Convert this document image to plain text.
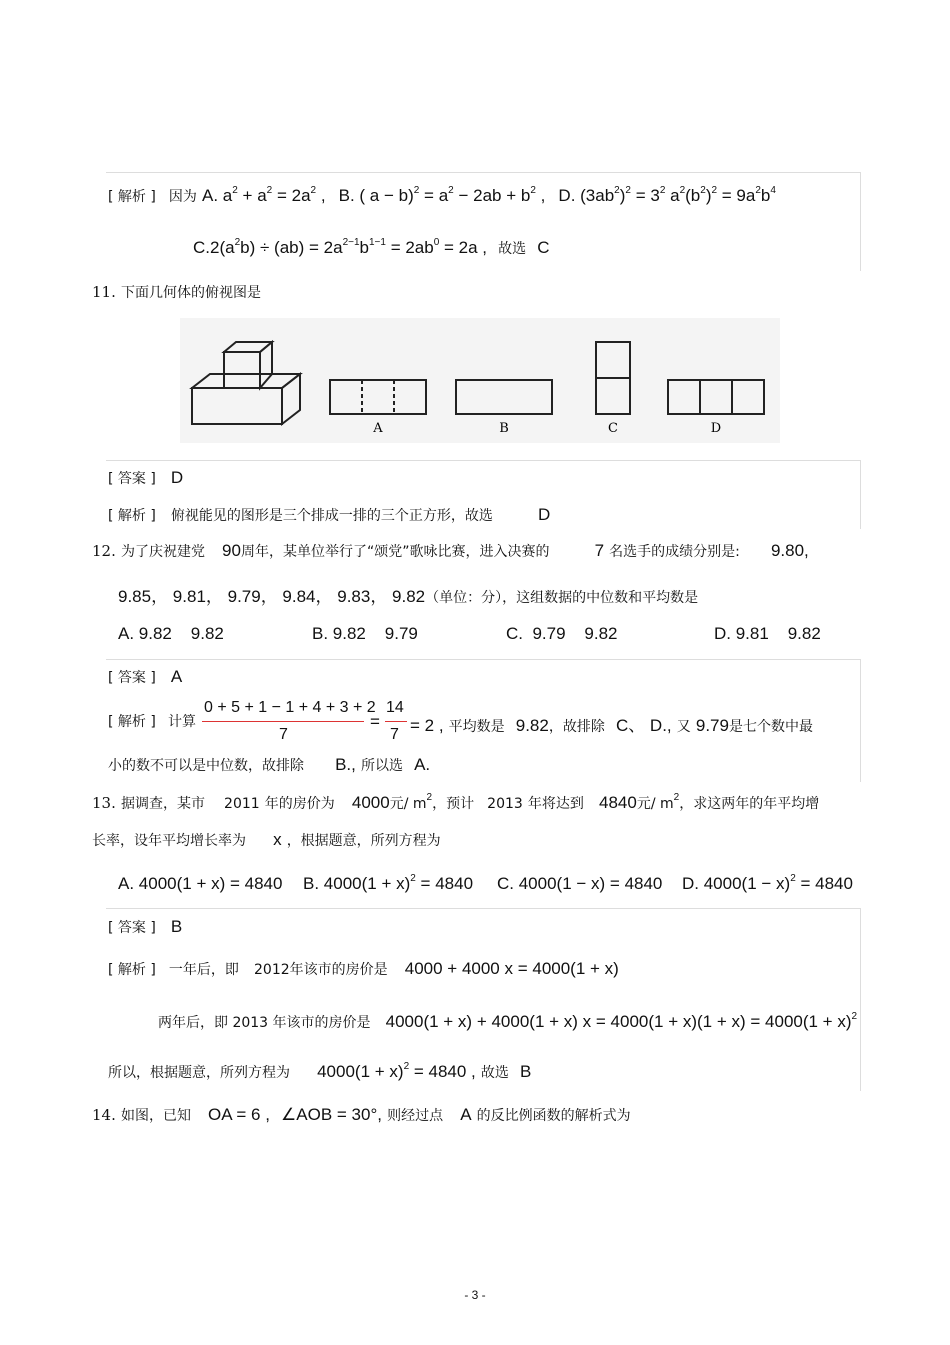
[ 解析 ] 因为 A. $a^2 + a^2 = 2a^2$ , B. ( $a - b)^2 = a^2 - 2ab + b^2$ , D. $(3ab^2)^2 = 3^2$ $a^2(b^2)^2 = 9a^2b^4$
$C.2(a^2b) \div (ab) = 2a^{2-1}b^{1-1} = 2ab^0 = 2a$ , 故选 C
11. 下面几何体的俯视图是
A	B	C	D
[ 答案 ] D
[ 解析 ] 俯视能见的图形是三个排成一排的三个正方形，故选	D
12. 为了庆祝建党 90周年，某单位举行了“颂党”歌咏比赛，进入决赛的	7 名选手的成绩分别是: 9.80,
9.85， 9.81， 9.79， 9.84， 9.83， 9.82（单位：分），这组数据的中位数和平均数是
A. 9.82    9.82	B. 9.82    9.79	C.  9.79    9.82	D. 9.81    9.82
[ 答案 ] A
[ 解析 ] 计算
0 + 5 + 1 − 1 + 4 + 3 + 2
7
=
14
7 = 2 , 平均数是 9.82，故排除 C、 D., 又 9.79是七个数中最
小的数不可以是中位数，故排除 B., 所以选 A.
13. 据调查，某市 2011 年的房价为 4000元/ $m^2$，预计 2013 年将达到 4840元/ $m^2$，求这两年的年平均增
长率，设年平均增长率为 x ，根据题意，所列方程为
A. 4000(1 + x) = 4840 B. $4000(1 + x)^2 = 4840$ C. 4000(1 − x) = 4840 D. $4000(1 - x)^2 = 4840$
[ 答案 ] B
[ 解析 ] 一年后，即 2012年该市的房价是 4000 + 4000 x = 4000(1 + x)
两年后，即 2013 年该市的房价是 4000(1 + x) + 4000(1 + x) $x = 4000(1 + x)(1 + x) = 4000(1 + x)^2$
所以，根据题意，所列方程为 $4000(1 + x)^2 = 4840$ , 故选 B
14. 如图，已知 OA = 6 , ∠AOB = 30°, 则经过点 A 的反比例函数的解析式为
- 3 -
